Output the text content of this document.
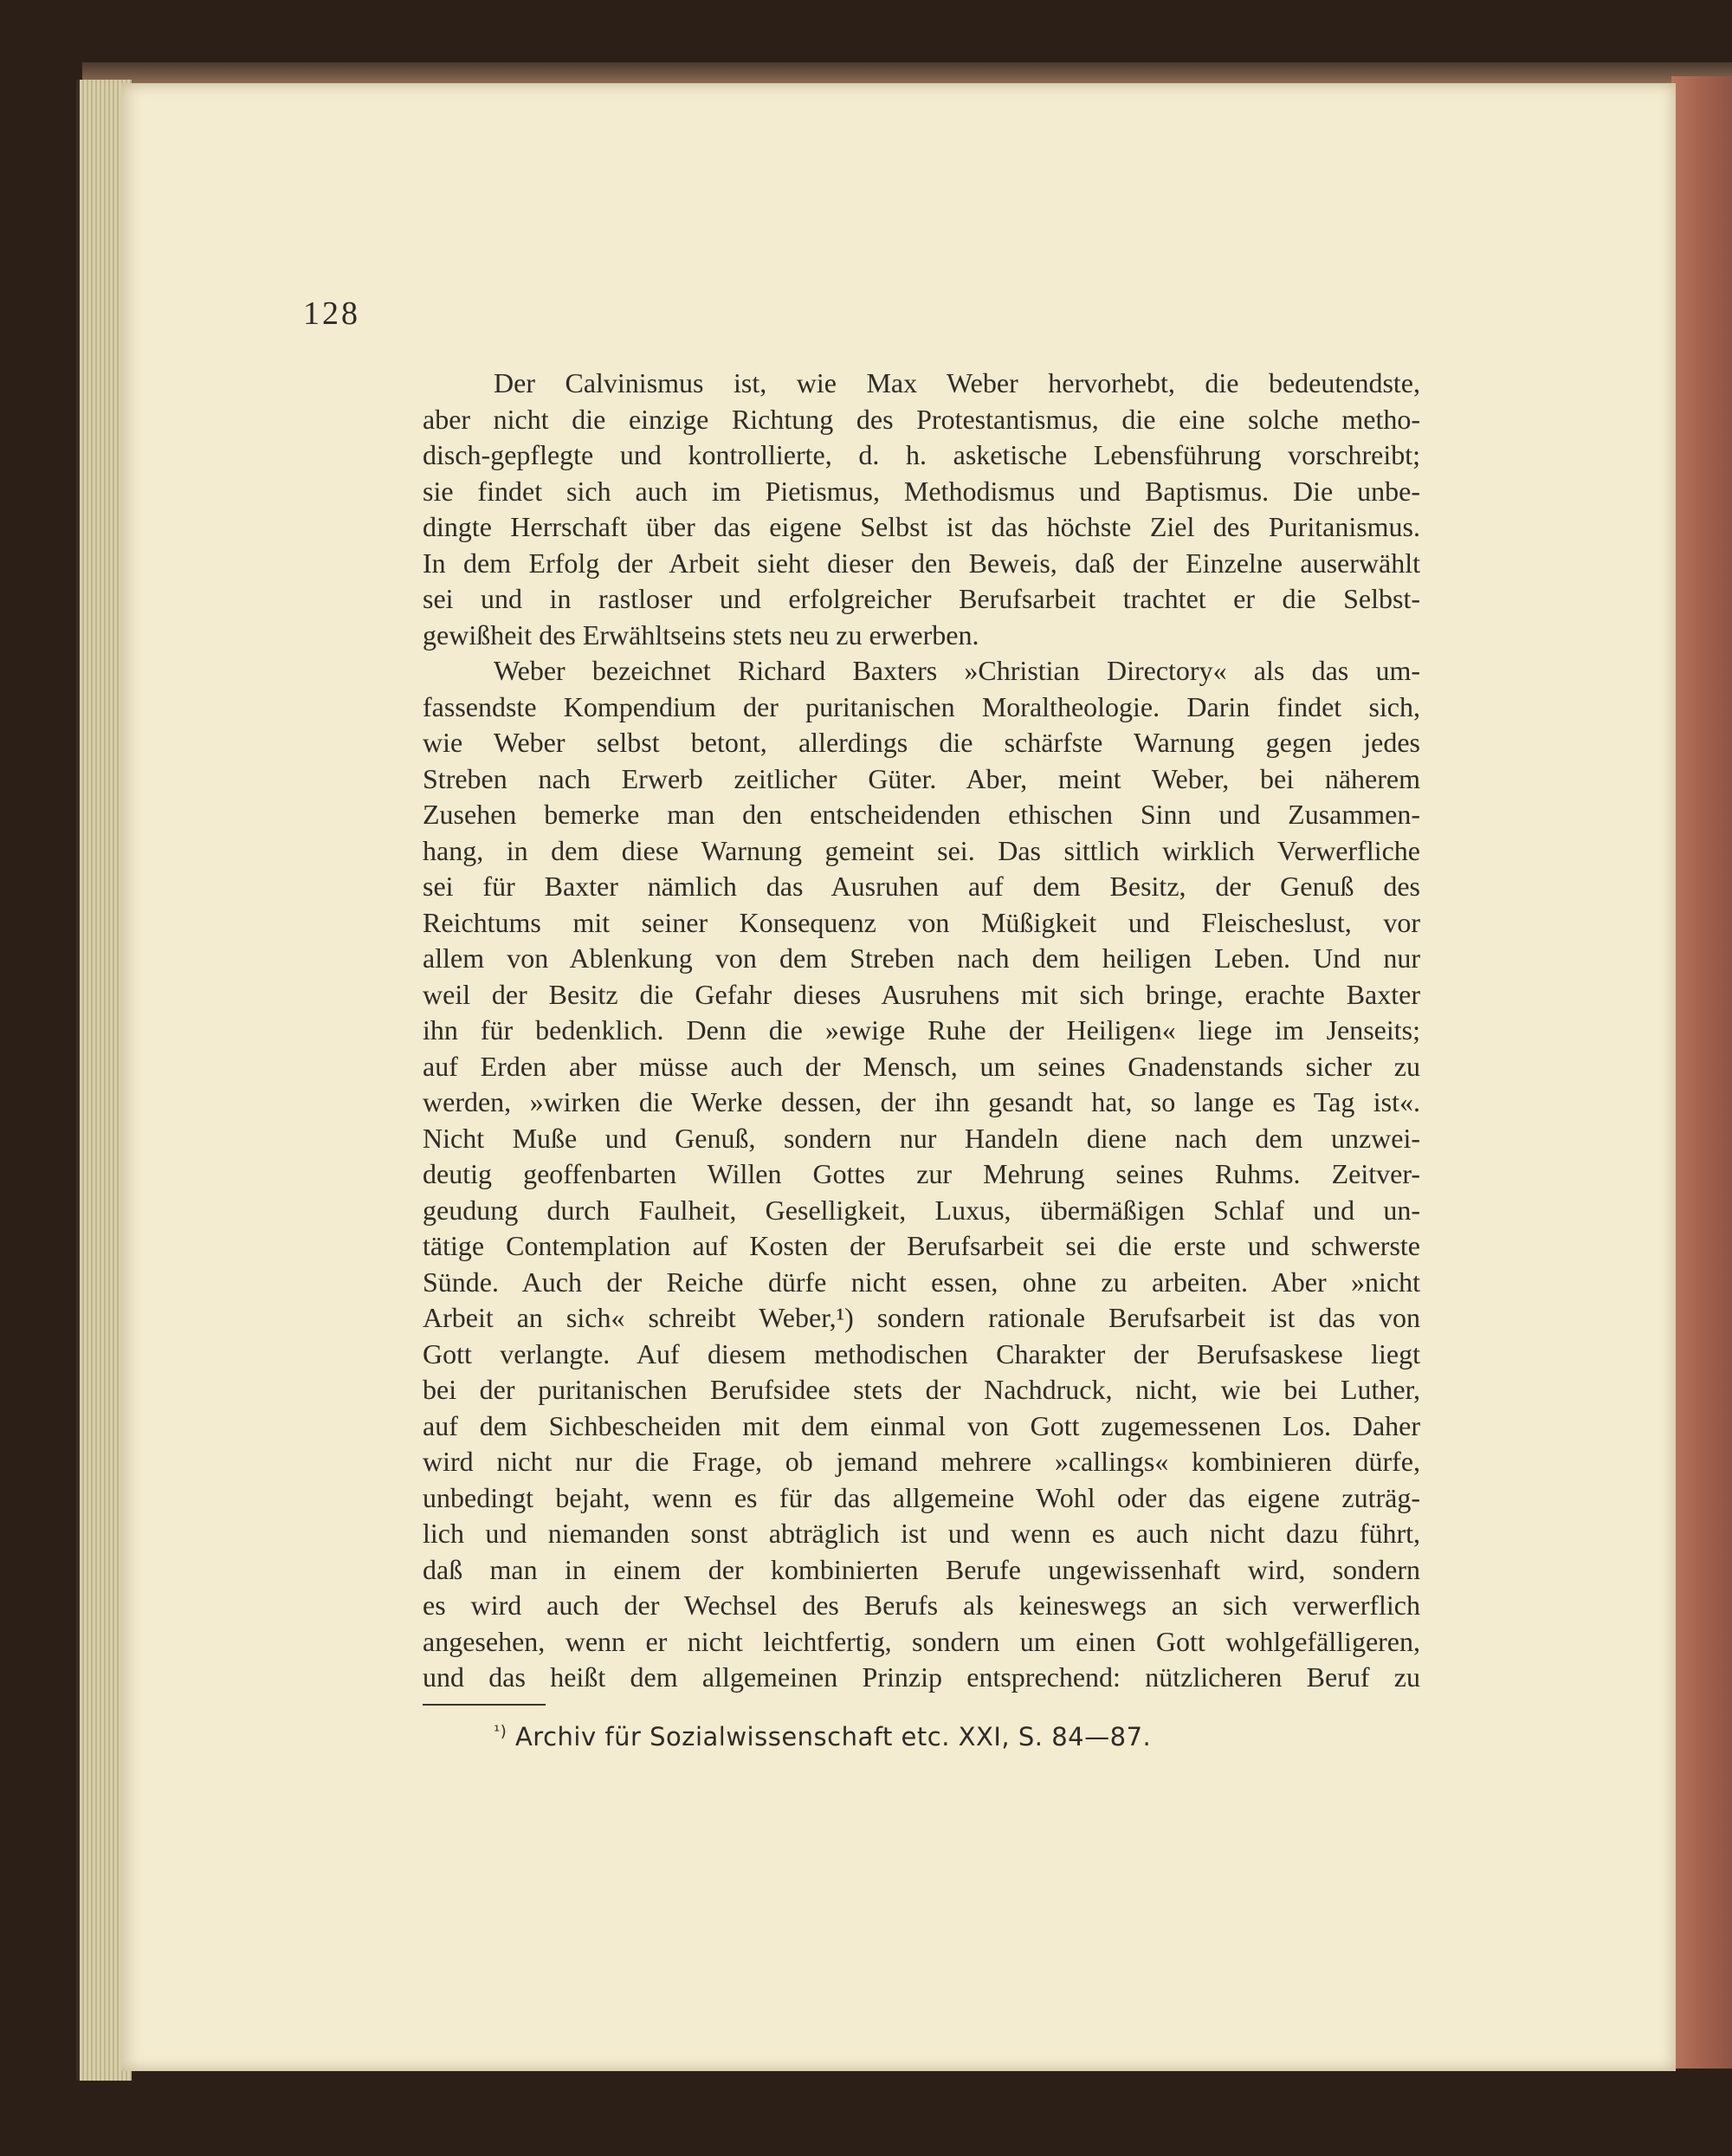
128
Der Calvinismus ist, wie Max Weber hervorhebt, die bedeutendste,
aber nicht die einzige Richtung des Protestantismus, die eine solche metho-
disch-gepflegte und kontrollierte, d. h. asketische Lebensführung vorschreibt;
sie findet sich auch im Pietismus, Methodismus und Baptismus. Die unbe-
dingte Herrschaft über das eigene Selbst ist das höchste Ziel des Puritanismus.
In dem Erfolg der Arbeit sieht dieser den Beweis, daß der Einzelne auserwählt
sei und in rastloser und erfolgreicher Berufsarbeit trachtet er die Selbst-
gewißheit des Erwähltseins stets neu zu erwerben.
Weber bezeichnet Richard Baxters »Christian Directory« als das um-
fassendste Kompendium der puritanischen Moraltheologie. Darin findet sich,
wie Weber selbst betont, allerdings die schärfste Warnung gegen jedes
Streben nach Erwerb zeitlicher Güter. Aber, meint Weber, bei näherem
Zusehen bemerke man den entscheidenden ethischen Sinn und Zusammen-
hang, in dem diese Warnung gemeint sei. Das sittlich wirklich Verwerfliche
sei für Baxter nämlich das Ausruhen auf dem Besitz, der Genuß des
Reichtums mit seiner Konsequenz von Müßigkeit und Fleischeslust, vor
allem von Ablenkung von dem Streben nach dem heiligen Leben. Und nur
weil der Besitz die Gefahr dieses Ausruhens mit sich bringe, erachte Baxter
ihn für bedenklich. Denn die »ewige Ruhe der Heiligen« liege im Jenseits;
auf Erden aber müsse auch der Mensch, um seines Gnadenstands sicher zu
werden, »wirken die Werke dessen, der ihn gesandt hat, so lange es Tag ist«.
Nicht Muße und Genuß, sondern nur Handeln diene nach dem unzwei-
deutig geoffenbarten Willen Gottes zur Mehrung seines Ruhms. Zeitver-
geudung durch Faulheit, Geselligkeit, Luxus, übermäßigen Schlaf und un-
tätige Contemplation auf Kosten der Berufsarbeit sei die erste und schwerste
Sünde. Auch der Reiche dürfe nicht essen, ohne zu arbeiten. Aber »nicht
Arbeit an sich« schreibt Weber,¹) sondern rationale Berufsarbeit ist das von
Gott verlangte. Auf diesem methodischen Charakter der Berufsaskese liegt
bei der puritanischen Berufsidee stets der Nachdruck, nicht, wie bei Luther,
auf dem Sichbescheiden mit dem einmal von Gott zugemessenen Los. Daher
wird nicht nur die Frage, ob jemand mehrere »callings« kombinieren dürfe,
unbedingt bejaht, wenn es für das allgemeine Wohl oder das eigene zuträg-
lich und niemanden sonst abträglich ist und wenn es auch nicht dazu führt,
daß man in einem der kombinierten Berufe ungewissenhaft wird, sondern
es wird auch der Wechsel des Berufs als keineswegs an sich verwerflich
angesehen, wenn er nicht leichtfertig, sondern um einen Gott wohlgefälligeren,
und das heißt dem allgemeinen Prinzip entsprechend: nützlicheren Beruf zu
$^{^1)}$ Archiv für Sozialwissenschaft etc. XXI, S. 84—87.
